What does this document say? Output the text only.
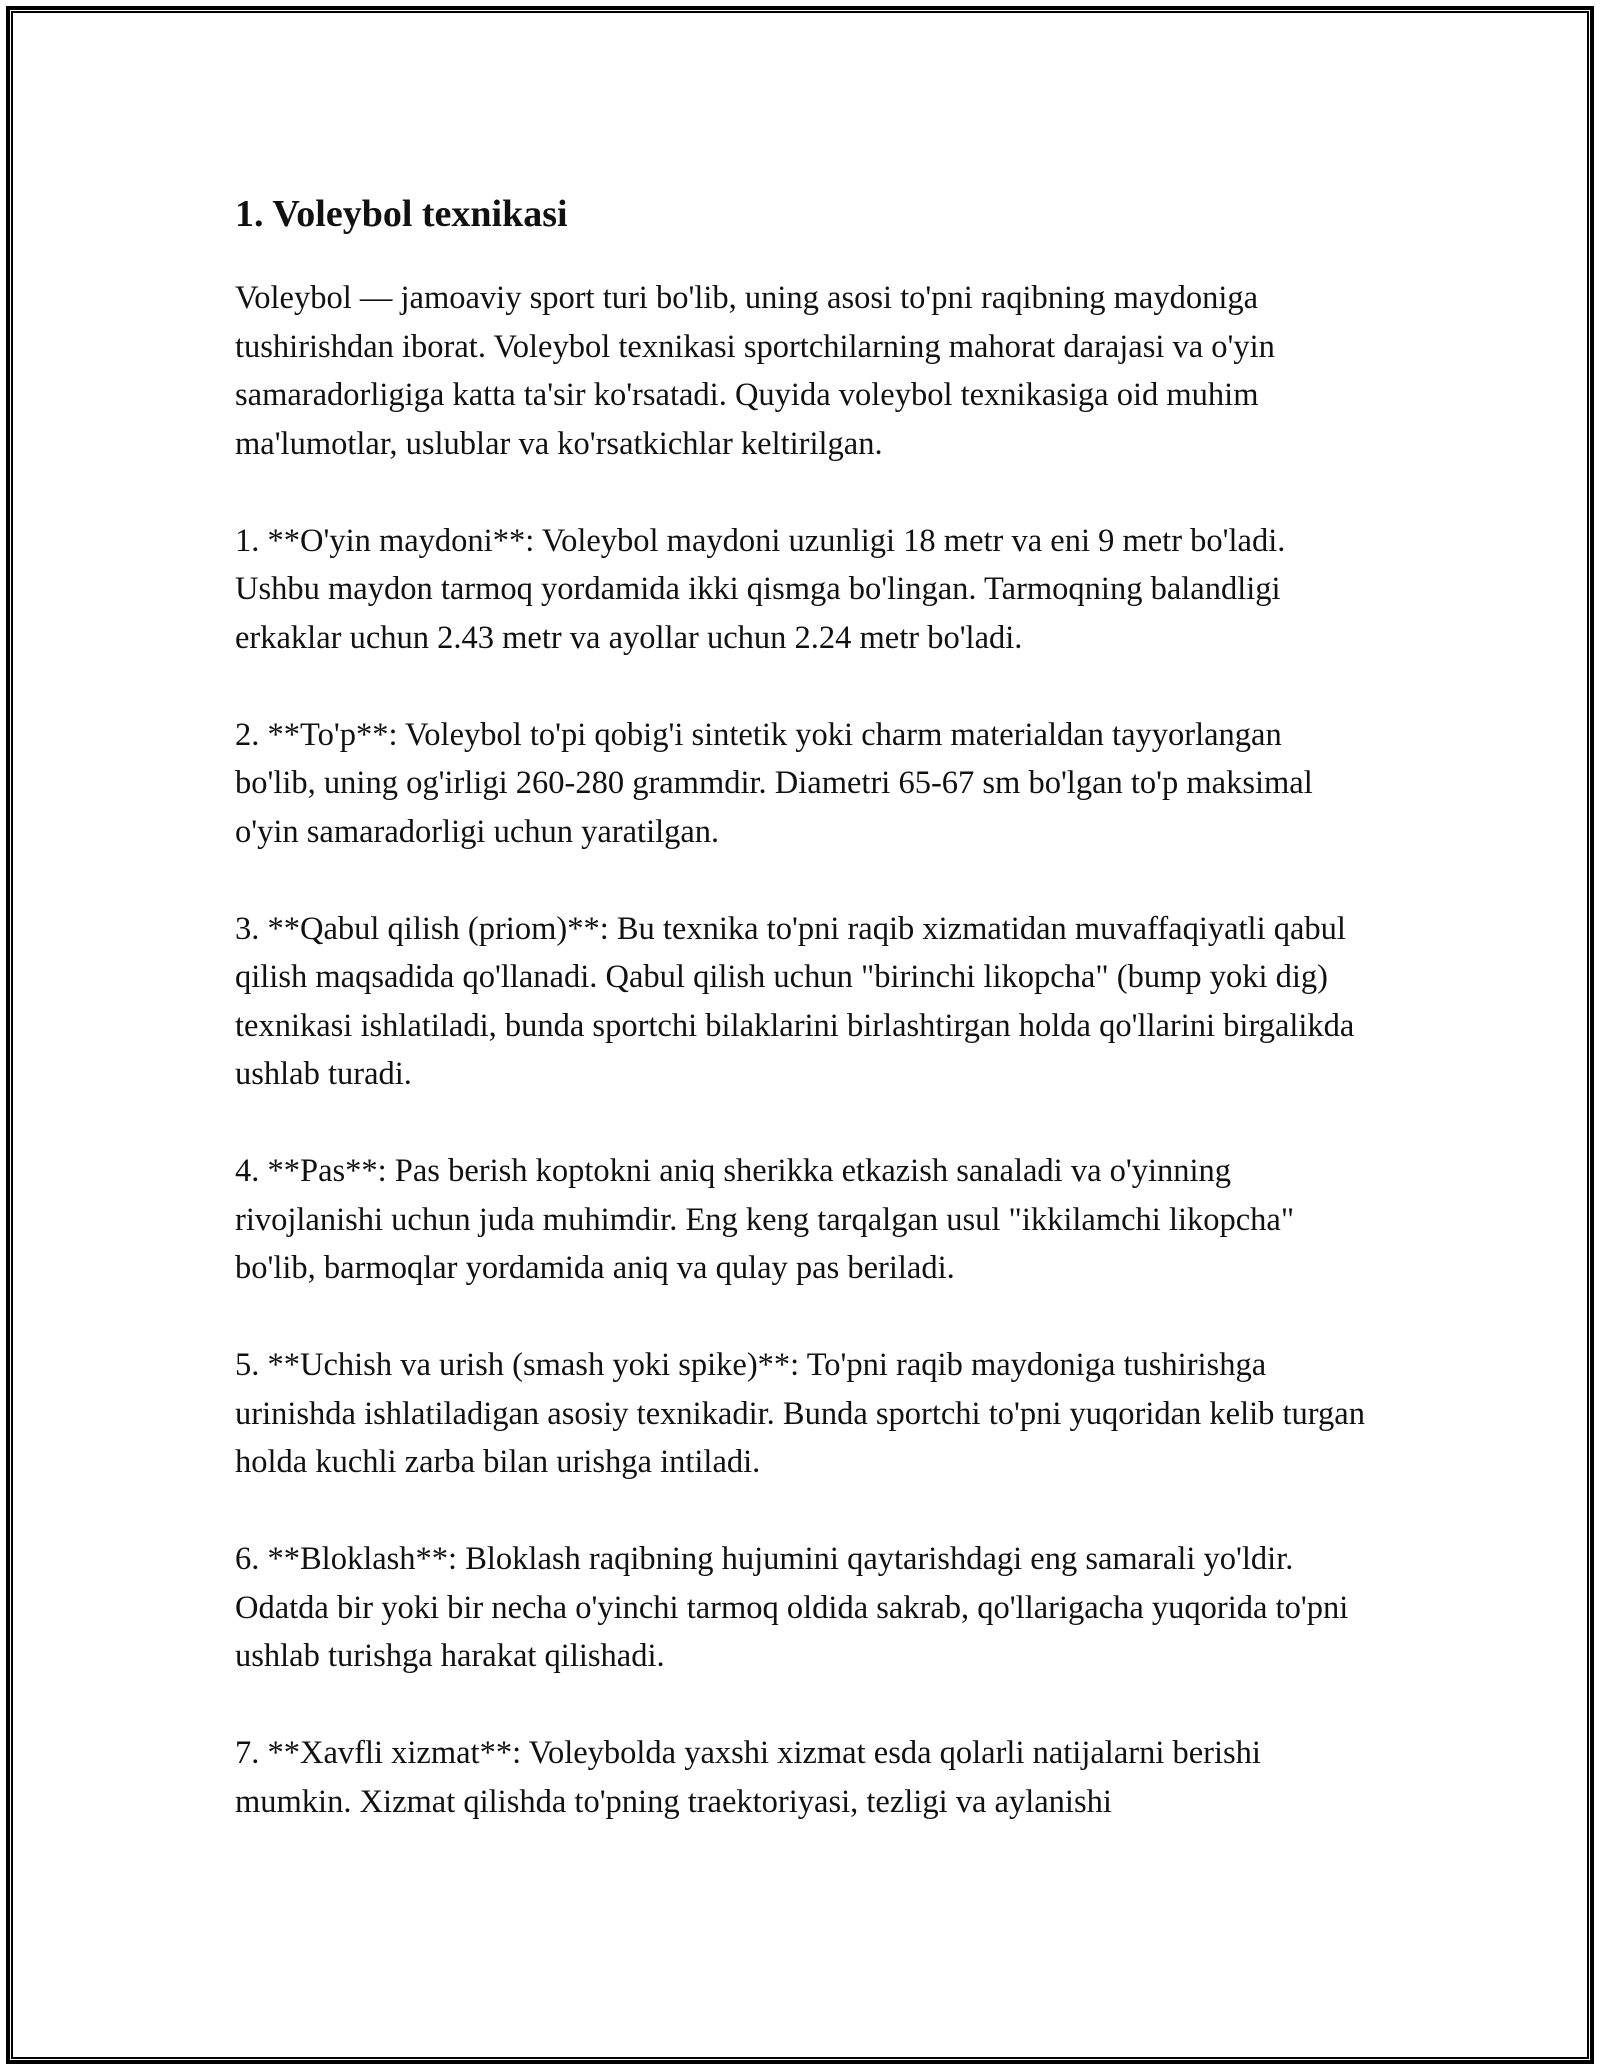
1. Voleybol texnikasi

Voleybol — jamoaviy sport turi bo'lib, uning asosi to'pni raqibning maydoniga tushirishdan iborat. Voleybol texnikasi sportchilarning mahorat darajasi va o'yin samaradorligiga katta ta'sir ko'rsatadi. Quyida voleybol texnikasiga oid muhim ma'lumotlar, uslublar va ko'rsatkichlar keltirilgan.

1. **O'yin maydoni**: Voleybol maydoni uzunligi 18 metr va eni 9 metr bo'ladi. Ushbu maydon tarmoq yordamida ikki qismga bo'lingan. Tarmoqning balandligi erkaklar uchun 2.43 metr va ayollar uchun 2.24 metr bo'ladi.

2. **To'p**: Voleybol to'pi qobig'i sintetik yoki charm materialdan tayyorlangan bo'lib, uning og'irligi 260-280 grammdir. Diametri 65-67 sm bo'lgan to'p maksimal o'yin samaradorligi uchun yaratilgan.

3. **Qabul qilish (priom)**: Bu texnika to'pni raqib xizmatidan muvaffaqiyatli qabul qilish maqsadida qo'llanadi. Qabul qilish uchun "birinchi likopcha" (bump yoki dig) texnikasi ishlatiladi, bunda sportchi bilaklarini birlashtirgan holda qo'llarini birgalikda ushlab turadi.

4. **Pas**: Pas berish koptokni aniq sherikka etkazish sanaladi va o'yinning rivojlanishi uchun juda muhimdir. Eng keng tarqalgan usul "ikkilamchi likopcha" bo'lib, barmoqlar yordamida aniq va qulay pas beriladi.

5. **Uchish va urish (smash yoki spike)**: To'pni raqib maydoniga tushirishga urinishda ishlatiladigan asosiy texnikadir. Bunda sportchi to'pni yuqoridan kelib turgan holda kuchli zarba bilan urishga intiladi.

6. **Bloklash**: Bloklash raqibning hujumini qaytarishdagi eng samarali yo'ldir. Odatda bir yoki bir necha o'yinchi tarmoq oldida sakrab, qo'llarigacha yuqorida to'pni ushlab turishga harakat qilishadi.

7. **Xavfli xizmat**: Voleybolda yaxshi xizmat esda qolarli natijalarni berishi mumkin. Xizmat qilishda to'pning traektoriyasi, tezligi va aylanishi
